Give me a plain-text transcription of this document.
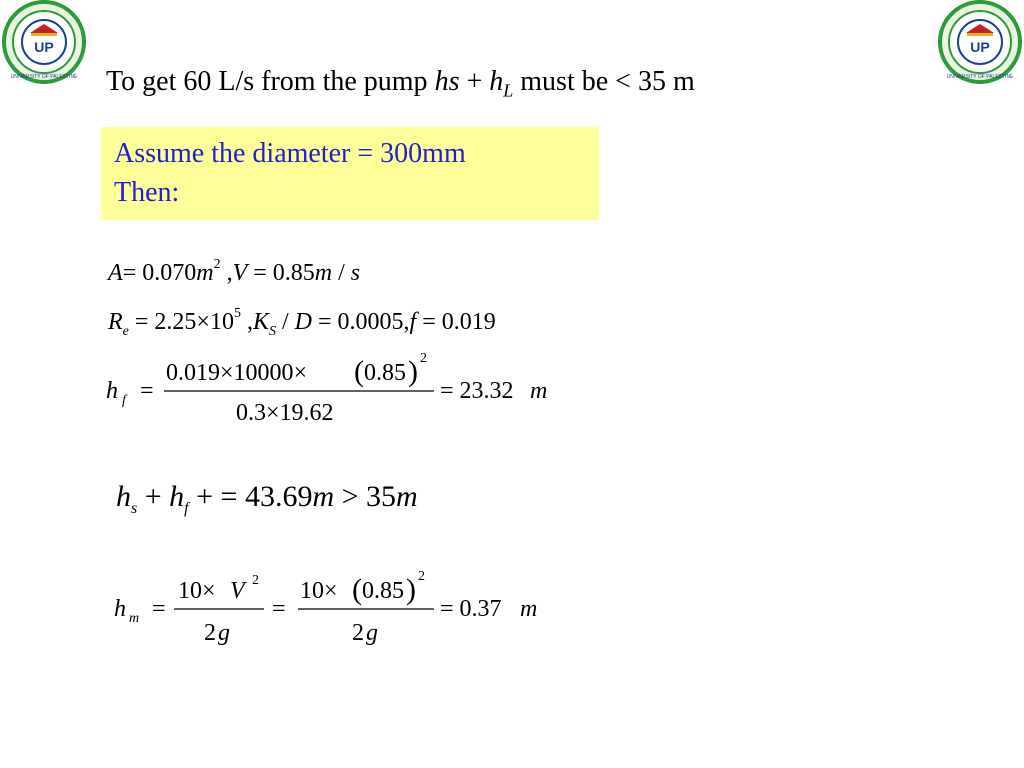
UP
UNIVERSITY OF PALESTINE
UP
UNIVERSITY OF PALESTINE
To get 60 L/s from the pump hs + $h_L$ must be < 35 m
Assume the diameter = 300mm
Then:
$A= 0.070m^2$ ,V = 0.85m / s
$R_e = 2.25\times 10^5$ $,K_S / D = 0.0005,f = 0.019$
h f =
0.019×10000× ( 0.85 ) 2
0.3×19.62
= 23.32 m
$h_s + h_f$ + = 43.69m > 35m
h m =
10× V 2
2 g
=
10× ( 0.85 ) 2
2 g
= 0.37 m
